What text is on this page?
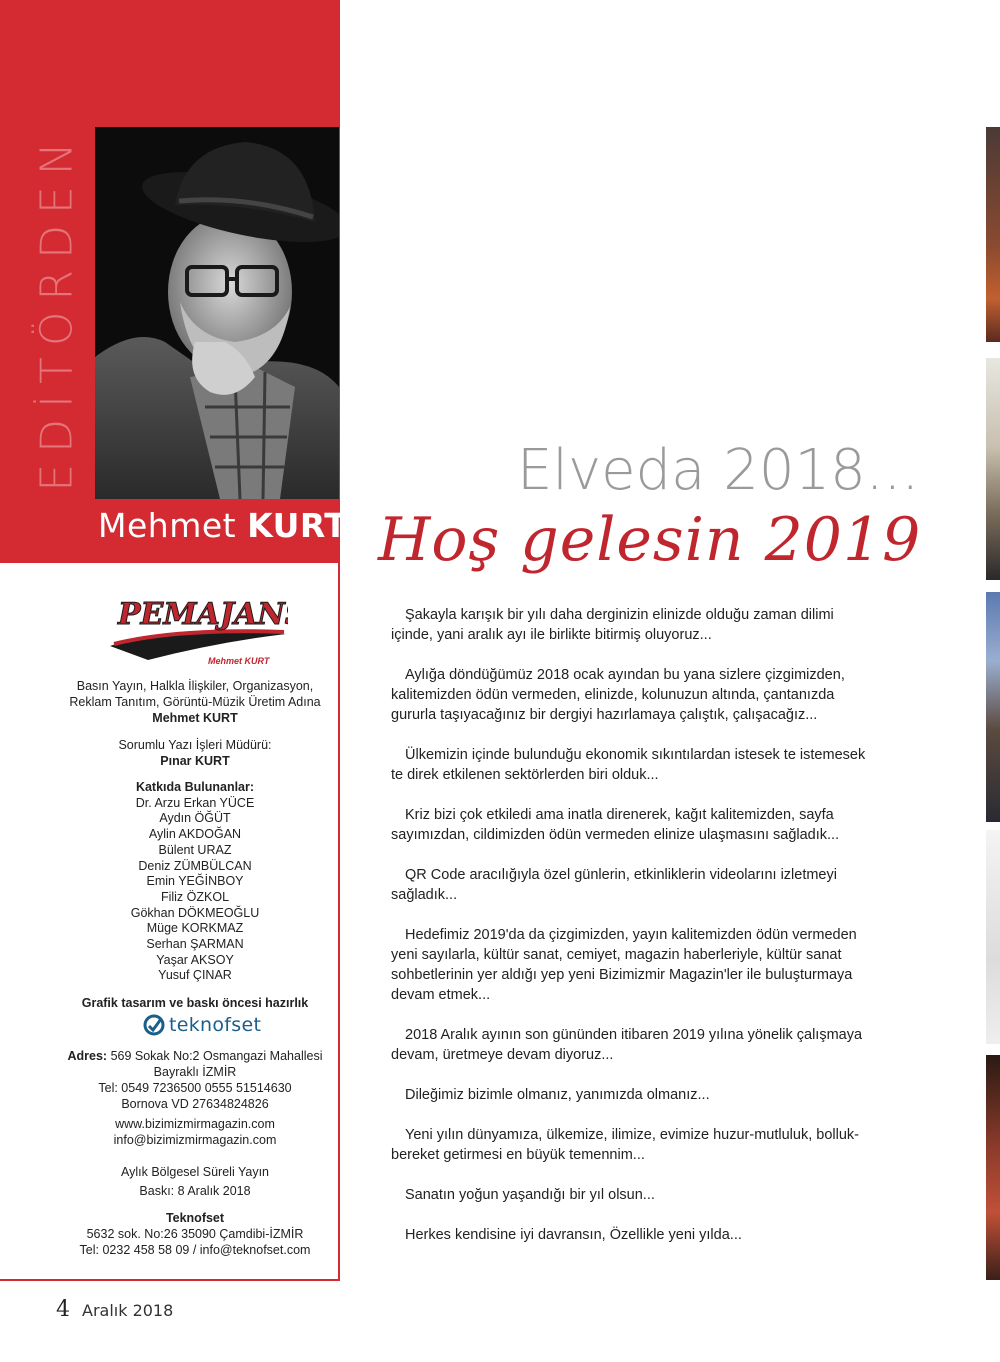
EDİTÖRDEN
Mehmet KURT
PEMAJANS
Mehmet KURT
Basın Yayın, Halkla İlişkiler, Organizasyon,
Reklam Tanıtım, Görüntü-Müzik Üretim Adına
Mehmet KURT
Sorumlu Yazı İşleri Müdürü:
Pınar KURT
Katkıda Bulunanlar:
Dr. Arzu Erkan YÜCE
Aydın ÖĞÜT
Aylin AKDOĞAN
Bülent URAZ
Deniz ZÜMBÜLCAN
Emin YEĞİNBOY
Filiz ÖZKOL
Gökhan DÖKMEOĞLU
Müge KORKMAZ
Serhan ŞARMAN
Yaşar AKSOY
Yusuf ÇINAR
Grafik tasarım ve baskı öncesi hazırlık
teknofset
Adres: 569 Sokak No:2 Osmangazi Mahallesi
Bayraklı İZMİR
Tel: 0549 7236500 0555 51514630
Bornova VD 27634824826
www.bizimizmirmagazin.com
info@bizimizmirmagazin.com
Aylık Bölgesel Süreli Yayın
Baskı: 8 Aralık 2018
Teknofset
5632 sok. No:26 35090 Çamdibi-İZMİR
Tel: 0232 458 58 09 / info@teknofset.com
Elveda 2018...
Hoş gelesin 2019

Şakayla karışık bir yılı daha derginizin elinizde olduğu zaman dilimi içinde, yani aralık ayı ile birlikte bitirmiş oluyoruz...

Aylığa döndüğümüz 2018 ocak ayından bu yana sizlere çizgimizden, kalitemizden ödün vermeden, elinizde, kolunuzun altında, çantanızda gururla taşıyacağınız bir dergiyi hazırlamaya çalıştık, çalışacağız...

Ülkemizin içinde bulunduğu ekonomik sıkıntılardan istesek te istemesek te direk etkilenen sektörlerden biri olduk...

Kriz bizi çok etkiledi ama inatla direnerek, kağıt kalitemizden, sayfa sayımızdan, cildimizden ödün vermeden elinize ulaşmasını sağladık...

QR Code aracılığıyla özel günlerin, etkinliklerin videolarını izletmeyi sağladık...

Hedefimiz 2019'da da çizgimizden, yayın kalitemizden ödün vermeden yeni sayılarla, kültür sanat, cemiyet, magazin haberleriyle, kültür sanat sohbetlerinin yer aldığı yep yeni Bizimizmir Magazin'ler ile buluşturmaya devam etmek...

2018 Aralık ayının son gününden itibaren 2019 yılına yönelik çalışmaya devam, üretmeye devam diyoruz...

Dileğimiz bizimle olmanız, yanımızda olmanız...

Yeni yılın dünyamıza, ülkemize, ilimize, evimize huzur-mutluluk, bolluk-bereket getirmesi en büyük temennim...

Sanatın yoğun yaşandığı bir yıl olsun...

Herkes kendisine iyi davransın, Özellikle yeni yılda...

4 Aralık 2018
